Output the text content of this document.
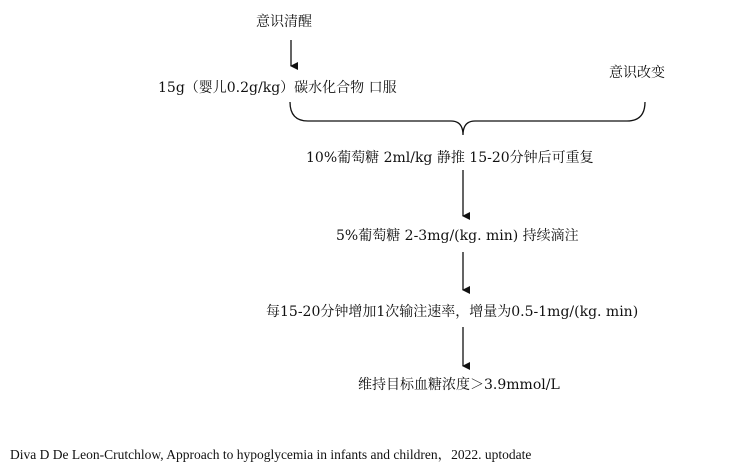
意识清醒
15g（婴儿0.2g/kg）碳水化合物 口服
意识改变
10%葡萄糖 2ml/kg 静推 15-20分钟后可重复
5%葡萄糖 2-3mg/(kg. min) 持续滴注
每15-20分钟增加1次输注速率，增量为0.5-1mg/(kg. min)
维持目标血糖浓度＞3.9mmol/L
Diva D De Leon-Crutchlow, Approach to hypoglycemia in infants and children，2022. uptodate
